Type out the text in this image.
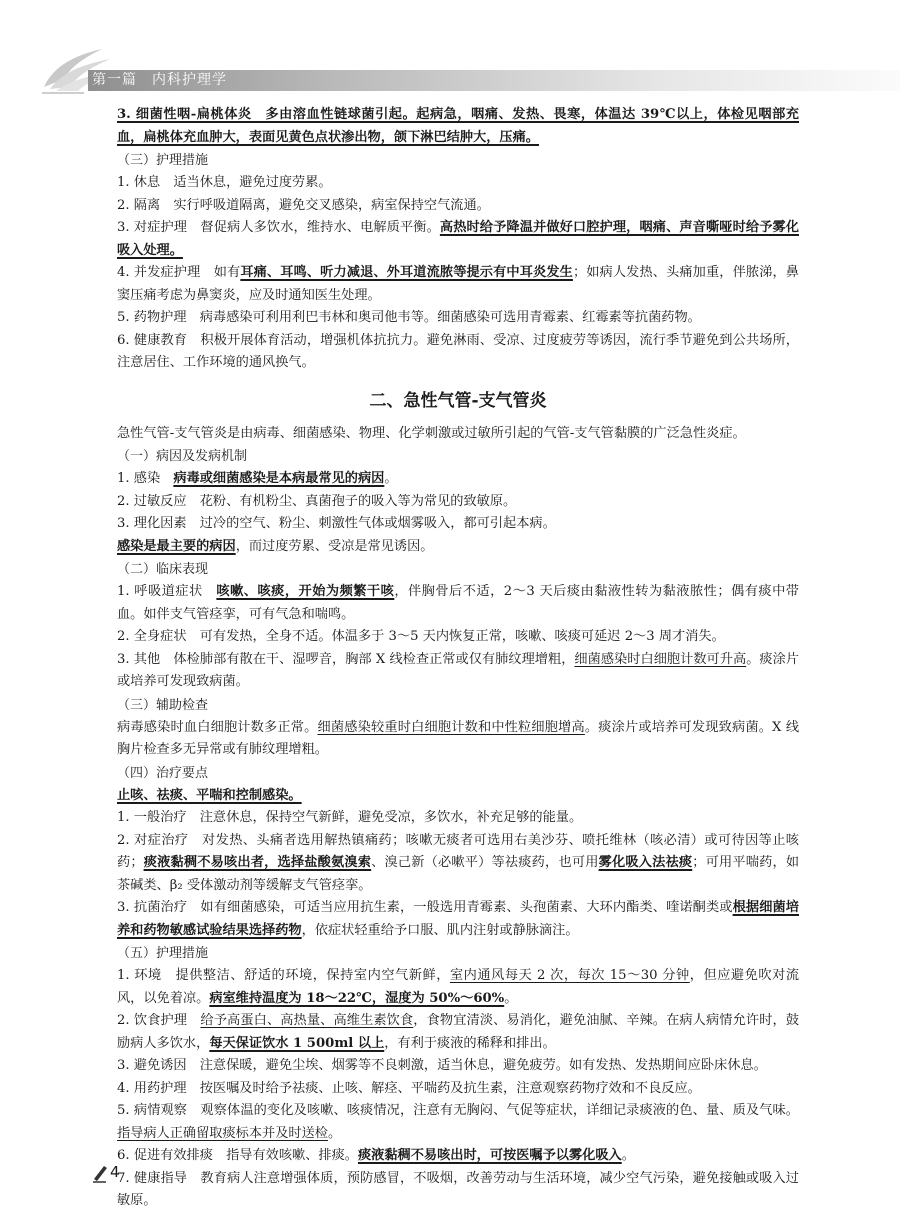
第一篇　内科护理学

3. 细菌性咽-扁桃体炎　多由溶血性链球菌引起。起病急，咽痛、发热、畏寒，体温达 39℃以上，体检见咽部充血，扁桃体充血肿大，表面见黄色点状渗出物，颌下淋巴结肿大，压痛。

（三）护理措施

1. 休息　适当休息，避免过度劳累。

2. 隔离　实行呼吸道隔离，避免交叉感染，病室保持空气流通。

3. 对症护理　督促病人多饮水，维持水、电解质平衡。高热时给予降温并做好口腔护理，咽痛、声音嘶哑时给予雾化吸入处理。

4. 并发症护理　如有耳痛、耳鸣、听力减退、外耳道流脓等提示有中耳炎发生；如病人发热、头痛加重，伴脓涕，鼻窦压痛考虑为鼻窦炎，应及时通知医生处理。

5. 药物护理　病毒感染可利用利巴韦林和奥司他韦等。细菌感染可选用青霉素、红霉素等抗菌药物。

6. 健康教育　积极开展体育活动，增强机体抗抗力。避免淋雨、受凉、过度疲劳等诱因，流行季节避免到公共场所，注意居住、工作环境的通风换气。

二、急性气管-支气管炎

急性气管-支气管炎是由病毒、细菌感染、物理、化学刺激或过敏所引起的气管-支气管黏膜的广泛急性炎症。

（一）病因及发病机制

1. 感染　病毒或细菌感染是本病最常见的病因。

2. 过敏反应　花粉、有机粉尘、真菌孢子的吸入等为常见的致敏原。

3. 理化因素　过冷的空气、粉尘、刺激性气体或烟雾吸入，都可引起本病。

感染是最主要的病因，而过度劳累、受凉是常见诱因。

（二）临床表现

1. 呼吸道症状　咳嗽、咳痰，开始为频繁干咳，伴胸骨后不适，2～3 天后痰由黏液性转为黏液脓性；偶有痰中带血。如伴支气管痉挛，可有气急和喘鸣。

2. 全身症状　可有发热，全身不适。体温多于 3～5 天内恢复正常，咳嗽、咳痰可延迟 2～3 周才消失。

3. 其他　体检肺部有散在干、湿啰音，胸部 X 线检查正常或仅有肺纹理增粗，细菌感染时白细胞计数可升高。痰涂片或培养可发现致病菌。

（三）辅助检查

病毒感染时血白细胞计数多正常。细菌感染较重时白细胞计数和中性粒细胞增高。痰涂片或培养可发现致病菌。X 线胸片检查多无异常或有肺纹理增粗。

（四）治疗要点

止咳、祛痰、平喘和控制感染。

1. 一般治疗　注意休息，保持空气新鲜，避免受凉，多饮水，补充足够的能量。

2. 对症治疗　对发热、头痛者选用解热镇痛药；咳嗽无痰者可选用右美沙芬、喷托维林（咳必清）或可待因等止咳药；痰液黏稠不易咳出者，选择盐酸氨溴索、溴己新（必嗽平）等祛痰药，也可用雾化吸入法祛痰；可用平喘药，如茶碱类、β₂ 受体激动剂等缓解支气管痉挛。

3. 抗菌治疗　如有细菌感染，可适当应用抗生素，一般选用青霉素、头孢菌素、大环内酯类、喹诺酮类或根据细菌培养和药物敏感试验结果选择药物，依症状轻重给予口服、肌内注射或静脉滴注。

（五）护理措施

1. 环境　提供整洁、舒适的环境，保持室内空气新鲜，室内通风每天 2 次，每次 15～30 分钟，但应避免吹对流风，以免着凉。病室维持温度为 18～22℃，湿度为 50%～60%。

2. 饮食护理　给予高蛋白、高热量、高维生素饮食，食物宜清淡、易消化，避免油腻、辛辣。在病人病情允许时，鼓励病人多饮水，每天保证饮水 1 500ml 以上，有利于痰液的稀释和排出。

3. 避免诱因　注意保暖，避免尘埃、烟雾等不良刺激，适当休息，避免疲劳。如有发热、发热期间应卧床休息。

4. 用药护理　按医嘱及时给予祛痰、止咳、解痉、平喘药及抗生素，注意观察药物疗效和不良反应。

5. 病情观察　观察体温的变化及咳嗽、咳痰情况，注意有无胸闷、气促等症状，详细记录痰液的色、量、质及气味。指导病人正确留取痰标本并及时送检。

6. 促进有效排痰　指导有效咳嗽、排痰。痰液黏稠不易咳出时，可按医嘱予以雾化吸入。

7. 健康指导　教育病人注意增强体质，预防感冒，不吸烟，改善劳动与生活环境，减少空气污染，避免接触或吸入过敏原。

4
